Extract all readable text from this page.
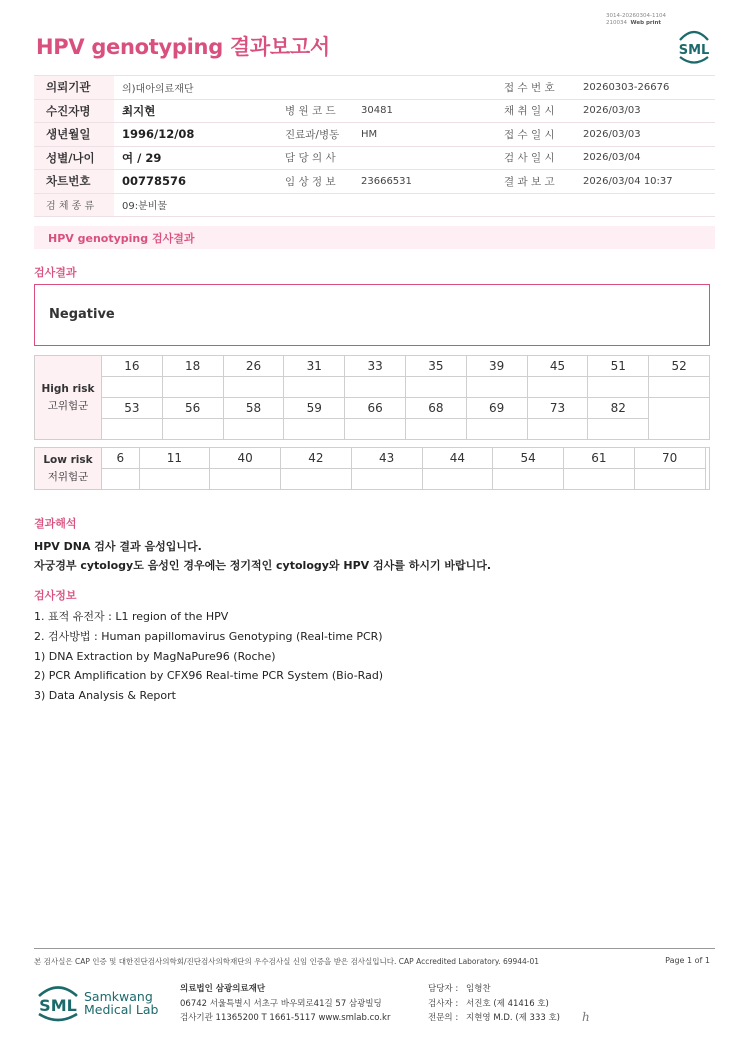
3014-20260304-1104
210034 Web print
HPV genotyping 결과보고서	SML
의뢰기관	의)대아의료재단			접 수 번 호	20260303-26676
수진자명	최지현	병 원 코 드	30481	채 취 일 시	2026/03/03
생년월일	1996/12/08	진료과/병동	HM	접 수 일 시	2026/03/03
성별/나이	여 / 29	담 당 의 사		검 사 일 시	2026/03/04
차트번호	00778576	임 상 정 보	23666531	결 과 보 고	2026/03/04 10:37
검 체 종 류	09:분비물				
HPV genotyping 검사결과
검사결과
Negative
High risk
고위험군	16	18	26	31	33	35	39	45	51	52

	53	56	58	59	66	68	69	73	82	

Low risk
저위험군	6	11	40	42	43	44	54	61	70	

결과해석
HPV DNA 검사 결과 음성입니다.
자궁경부 cytology도 음성인 경우에는 정기적인 cytology와 HPV 검사를 하시기 바랍니다.
검사정보
1. 표적 유전자 : L1 region of the HPV
2. 검사방법 : Human papillomavirus Genotyping (Real-time PCR)
1) DNA Extraction by MagNaPure96 (Roche)
2) PCR Amplification by CFX96 Real-time PCR System (Bio-Rad)
3) Data Analysis & Report
본 검사실은 CAP 인증 및 대한진단검사의학회/진단검사의학재단의 우수검사실 신임 인증을 받은 검사실입니다. CAP Accredited Laboratory. 69944-01	Page 1 of 1
SML Samkwang
Medical Lab
의료법인 삼광의료재단
06742 서울특별시 서초구 바우뫼로41길 57 삼광빌딩
검사기관 11365200 T 1661-5117 www.smlab.co.kr
담당자 : 임형찬
검사자 : 서진호 (제 41416 호)
전문의 : 지현영 M.D. (제 333 호) ℎ
